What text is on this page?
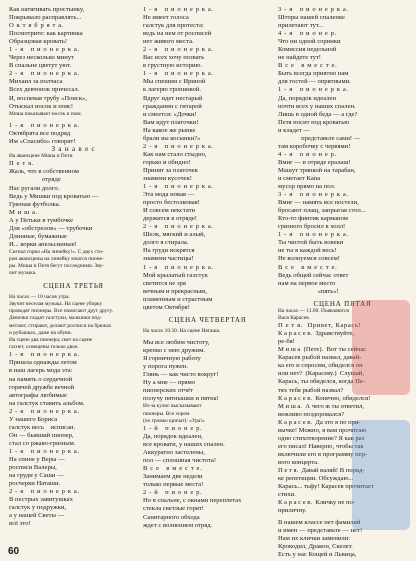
Как натягивать простынку,
Покрывало расправлять...
О к т я б р я т а.
Посмотрите: как картинка
Образцовая кровать!
1 - я   п и о н е р к а.
Через несколько минут
В спальне цветут уют.
2 - я   п и о н е р к а.
Михаил за полчаса
Всех девчонок причесал.
И, воспевая трубу «Поиск»,
Отыскал носок и пояс!
Миша показывает носок и пояс.
1 - я   п и о н е р к а.
Октябрята все подряд
Им «Спасибо» говорят!
З а н а в е с
На авансцене Миша и Петя.
П е т я.
Жаль, что в собственном
отряде
Нас ругали долго.
Ведь у Мишки под кроватью —
Грязная футболка.
М и ш а.
А у Петьки в тумбочке
Для «обстрелов» — трубочки
Длинные, бумажные
И... корки апельсинные!
Сигнал горна «На линейку!». С двух сто-
рон авансцены на линейку мчатся пионе-
ры. Миша и Петя бегут последними. Зву-
чит музыка.
СЦЕНА ТРЕТЬЯ
На часах — 10 часов утра.
Звучит веселая музыка. На сцене уборку
проводят пионеры. Все помогают друг другу.
Девочки гладят галстуки, мальчики под-
метают, стирают, делают росписи на брюках
и рубашках, даже на обуви.
На сцене два пионера; свет на сцене
гаснет, освещены только двое.
1 - я   п и о н е р к а.
Пришла однажды летом
в наш лагерь мода эта:
на память о сердечной
горячей дружбе вечной
автографы любимые
на галстук ставить альбом.
2 - я   п и о н е р к а.
У нашего Бориса
галстук весь    исписан.
Он — бывший пионер,
стал со ржаво-грязным.
1 - я   п и о н е р к а.
На спине у Веры —
росписи Валеры,
на груди у Саши —
росчерки Наташи.
2 - я   п и о н е р к а.
В пестрых завитушках
галстук у подружки,
а у нашей Светы —
всё это!
1 - я   п и о н е р к а.
Не имеет голоса
галстук для протеста:
ведь на нем от росписей
нет живого места.
2 - я   п и о н е р к а.
Вас всех хочу позвать
в грустную историю.
1 - я   п и о н е р к а.
Мы спешим с Ириной
к лагерю тропинкой.
Вдруг идет нестарый
гражданин с гитарой
и смеется: «Дочки!
Вам идут платочки!
На какое же рынке
брали вы косынки?»
2 - я   п и о н е р к а.
Как нам стало стыдно,
горько и обидно!
Принят за платочек
знамени кусочек!
1 - я   п и о н е р к а.
Эта мода новая —
просто бестолковая!
И совсем некстати
держится в отряде!
2 - я   п и о н е р к а.
Шелк, мягкий и алый,
долго я стирала.
На груди искрятся
знамени частицы!
1 - я   п и о н е р к а.
Мой крылатый галстук
светится не зря
вечным и прекрасным,
пламенным и страстным
цветом Октября!
СЦЕНА ЧЕТВЕРТАЯ
На часах 10.30. На сцене Наташа.
Мы все любим чистоту,
крепко с нею дружим.
Я горничную работу
у порога нужен.
Глянь — как чисто вокруг!
Ну а мне — прямо
пионерских отчёт
получу пятнышки и пятна!
Из-за кулис высказывают
пионеры. Все хором
(по громко кричат): «Ура!»
1 - й   п и о н е р.
Да, порядок идеален,
все кровати, у наших спален.
Аккуратно застелены,
пол — сплошная чистота!
В с е   в м е с т е.
Занимаем две недели
только первые места!
2 - й   п и о н е р.
Но в спальне, с окнами переплетах
стекла светлые горят!
Санитарного обхода
ждет с волнением отряд.
3 - я   п и о н е р к а.
Шторы нашей спаленке
прилетают тут...
4 - я   п и о н е р.
Что ни одной соринки
Комиссия недельной
не найдете тут!
В с е   в м е с т е.
Быть всегда приятно нам
для гостей — опрятными.
1 - я   п и о н е р к а.
Да, порядок идеален
почти всех у наших спален.
Лишь в одной беда — а где?
Петя носит под кроватью
и кладет —
представьте сами! —
там коробочку с червями!
4 - я   п и о н е р.
Вмиг — в отряде ералаш!
Машут тряпкой на тарабан,
и сметает Капа
мусор прямо на пол.
3 - я   п и о н е р к а.
Вмиг — намять все постели,
бросают плащ, запрыгая стол...
Кто-то финтик карманом
грязного бросил в холл!
1 - я   п и о н е р к а.
Ты чистой быть вовеки
не ты в каждой весь!
Не волнуемся совсем!
В с е   в м е с т е.
Ведь общей сейчас ответ
нам на первое место
«пять»!
СЦЕНА ПЯТАЯ
На часах — 11.00. Появляются
Вася Карасев.
П е т я.  Привет, Карась!
К а р а с е в.  Здравствуйте,
ре-бя!
М и ш а  (Пете).  Вот ты сейчас
Карасев рыбой назвал, давай-
ка его и спросим, обиделся он
или нет?  (Карасеву.)  Слушай,
Карась, ты обиделся, когда Пе-
тях тебя рыбой назвал?
К а р а с е в.  Конечно, обиделся!
М и ш а.  А чего ж ты ответил,
вежливо поздоровался?
К а р а с е в.  Да это я по при-
вычке! Можно, я вам прочитаю
одно стихотворение? Я как раз
его писал! Наверно, чтобы так
включили его в программу пер-
вого концерта.
П е т я.  Давай валяй! В поряд-
ке репетиции. Обсуждаю...
Карась... тьфу! Карасев прочитает
стихи.
К а р а с е в.  Кличку не по-
приличну.
В нашем классе нет фамилий
и имен — представьте — нет!
Нам их клички заменили:
Крокодил, Дракон, Скелет.
Есть у нас Кощей и Львица,
60
